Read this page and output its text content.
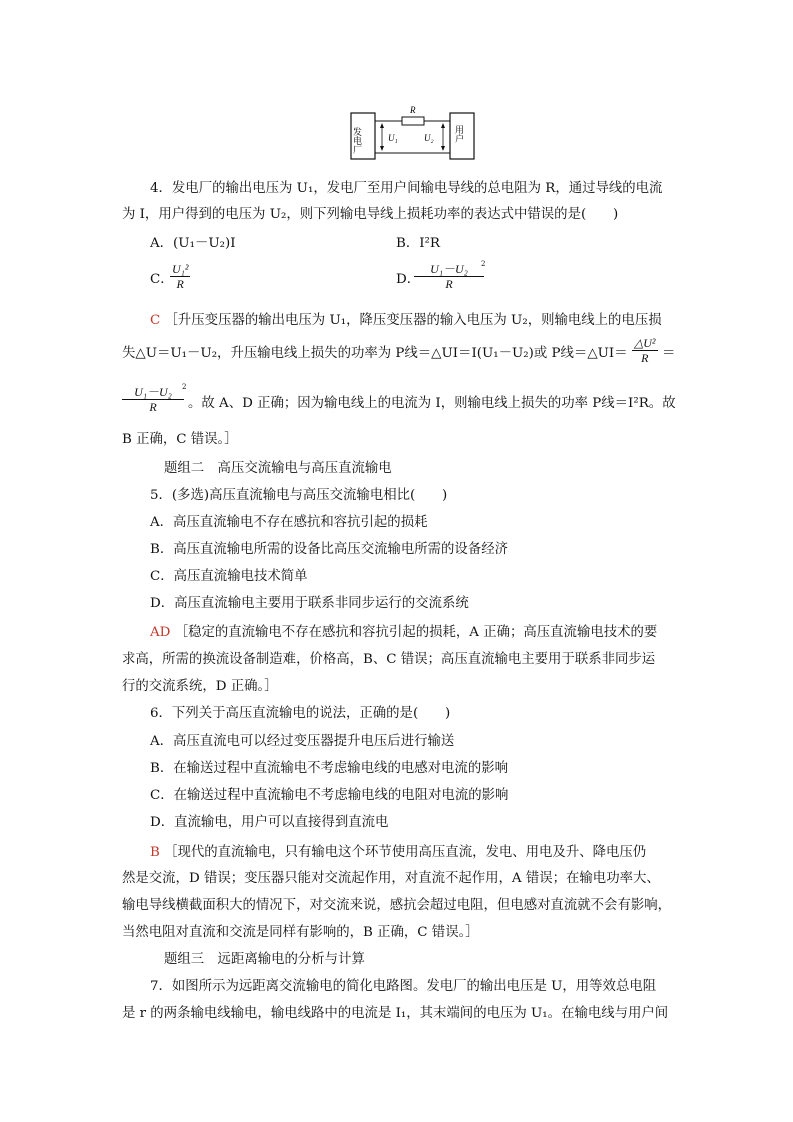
R
U₁	U₂
发电厂	用户
4．发电厂的输出电压为 U₁，发电厂至用户间输电导线的总电阻为 R，通过导线的电流
为 I，用户得到的电压为 U₂，则下列输电导线上损耗功率的表达式中错误的是(　　)
A．(U₁－U₂)I	B．I²R
C．
$\frac{\text{U₁²}}{R}$	D．
$\frac{\text{U₁－U₂}}{R}$
2
C ［升压变压器的输出电压为 U₁，降压变压器的输入电压为 U₂，则输电线上的电压损
失△U＝U₁－U₂，升压输电线上损失的功率为 P线＝△UI＝I(U₁－U₂)或 P线＝△UI＝ $\frac{\text{△U²}}{R}$ ＝
$\frac{\text{U₁－U₂}}{R}$
2
。故 A、D 正确；因为输电线上的电流为 I，则输电线上损失的功率 P线＝I²R。故
B 正确，C 错误。］
题组二　高压交流输电与高压直流输电
5．(多选)高压直流输电与高压交流输电相比(　　)
A．高压直流输电不存在感抗和容抗引起的损耗
B．高压直流输电所需的设备比高压交流输电所需的设备经济
C．高压直流输电技术简单
D．高压直流输电主要用于联系非同步运行的交流系统
AD ［稳定的直流输电不存在感抗和容抗引起的损耗，A 正确；高压直流输电技术的要
求高，所需的换流设备制造难，价格高，B、C 错误；高压直流输电主要用于联系非同步运
行的交流系统，D 正确。］
6．下列关于高压直流输电的说法，正确的是(　　)
A．高压直流电可以经过变压器提升电压后进行输送
B．在输送过程中直流输电不考虑输电线的电感对电流的影响
C．在输送过程中直流输电不考虑输电线的电阻对电流的影响
D．直流输电，用户可以直接得到直流电
B ［现代的直流输电，只有输电这个环节使用高压直流，发电、用电及升、降电压仍
然是交流，D 错误；变压器只能对交流起作用，对直流不起作用，A 错误；在输电功率大、
输电导线横截面积大的情况下，对交流来说，感抗会超过电阻，但电感对直流就不会有影响，
当然电阻对直流和交流是同样有影响的，B 正确，C 错误。］
题组三　远距离输电的分析与计算
7．如图所示为远距离交流输电的简化电路图。发电厂的输出电压是 U，用等效总电阻
是 r 的两条输电线输电，输电线路中的电流是 I₁，其末端间的电压为 U₁。在输电线与用户间
